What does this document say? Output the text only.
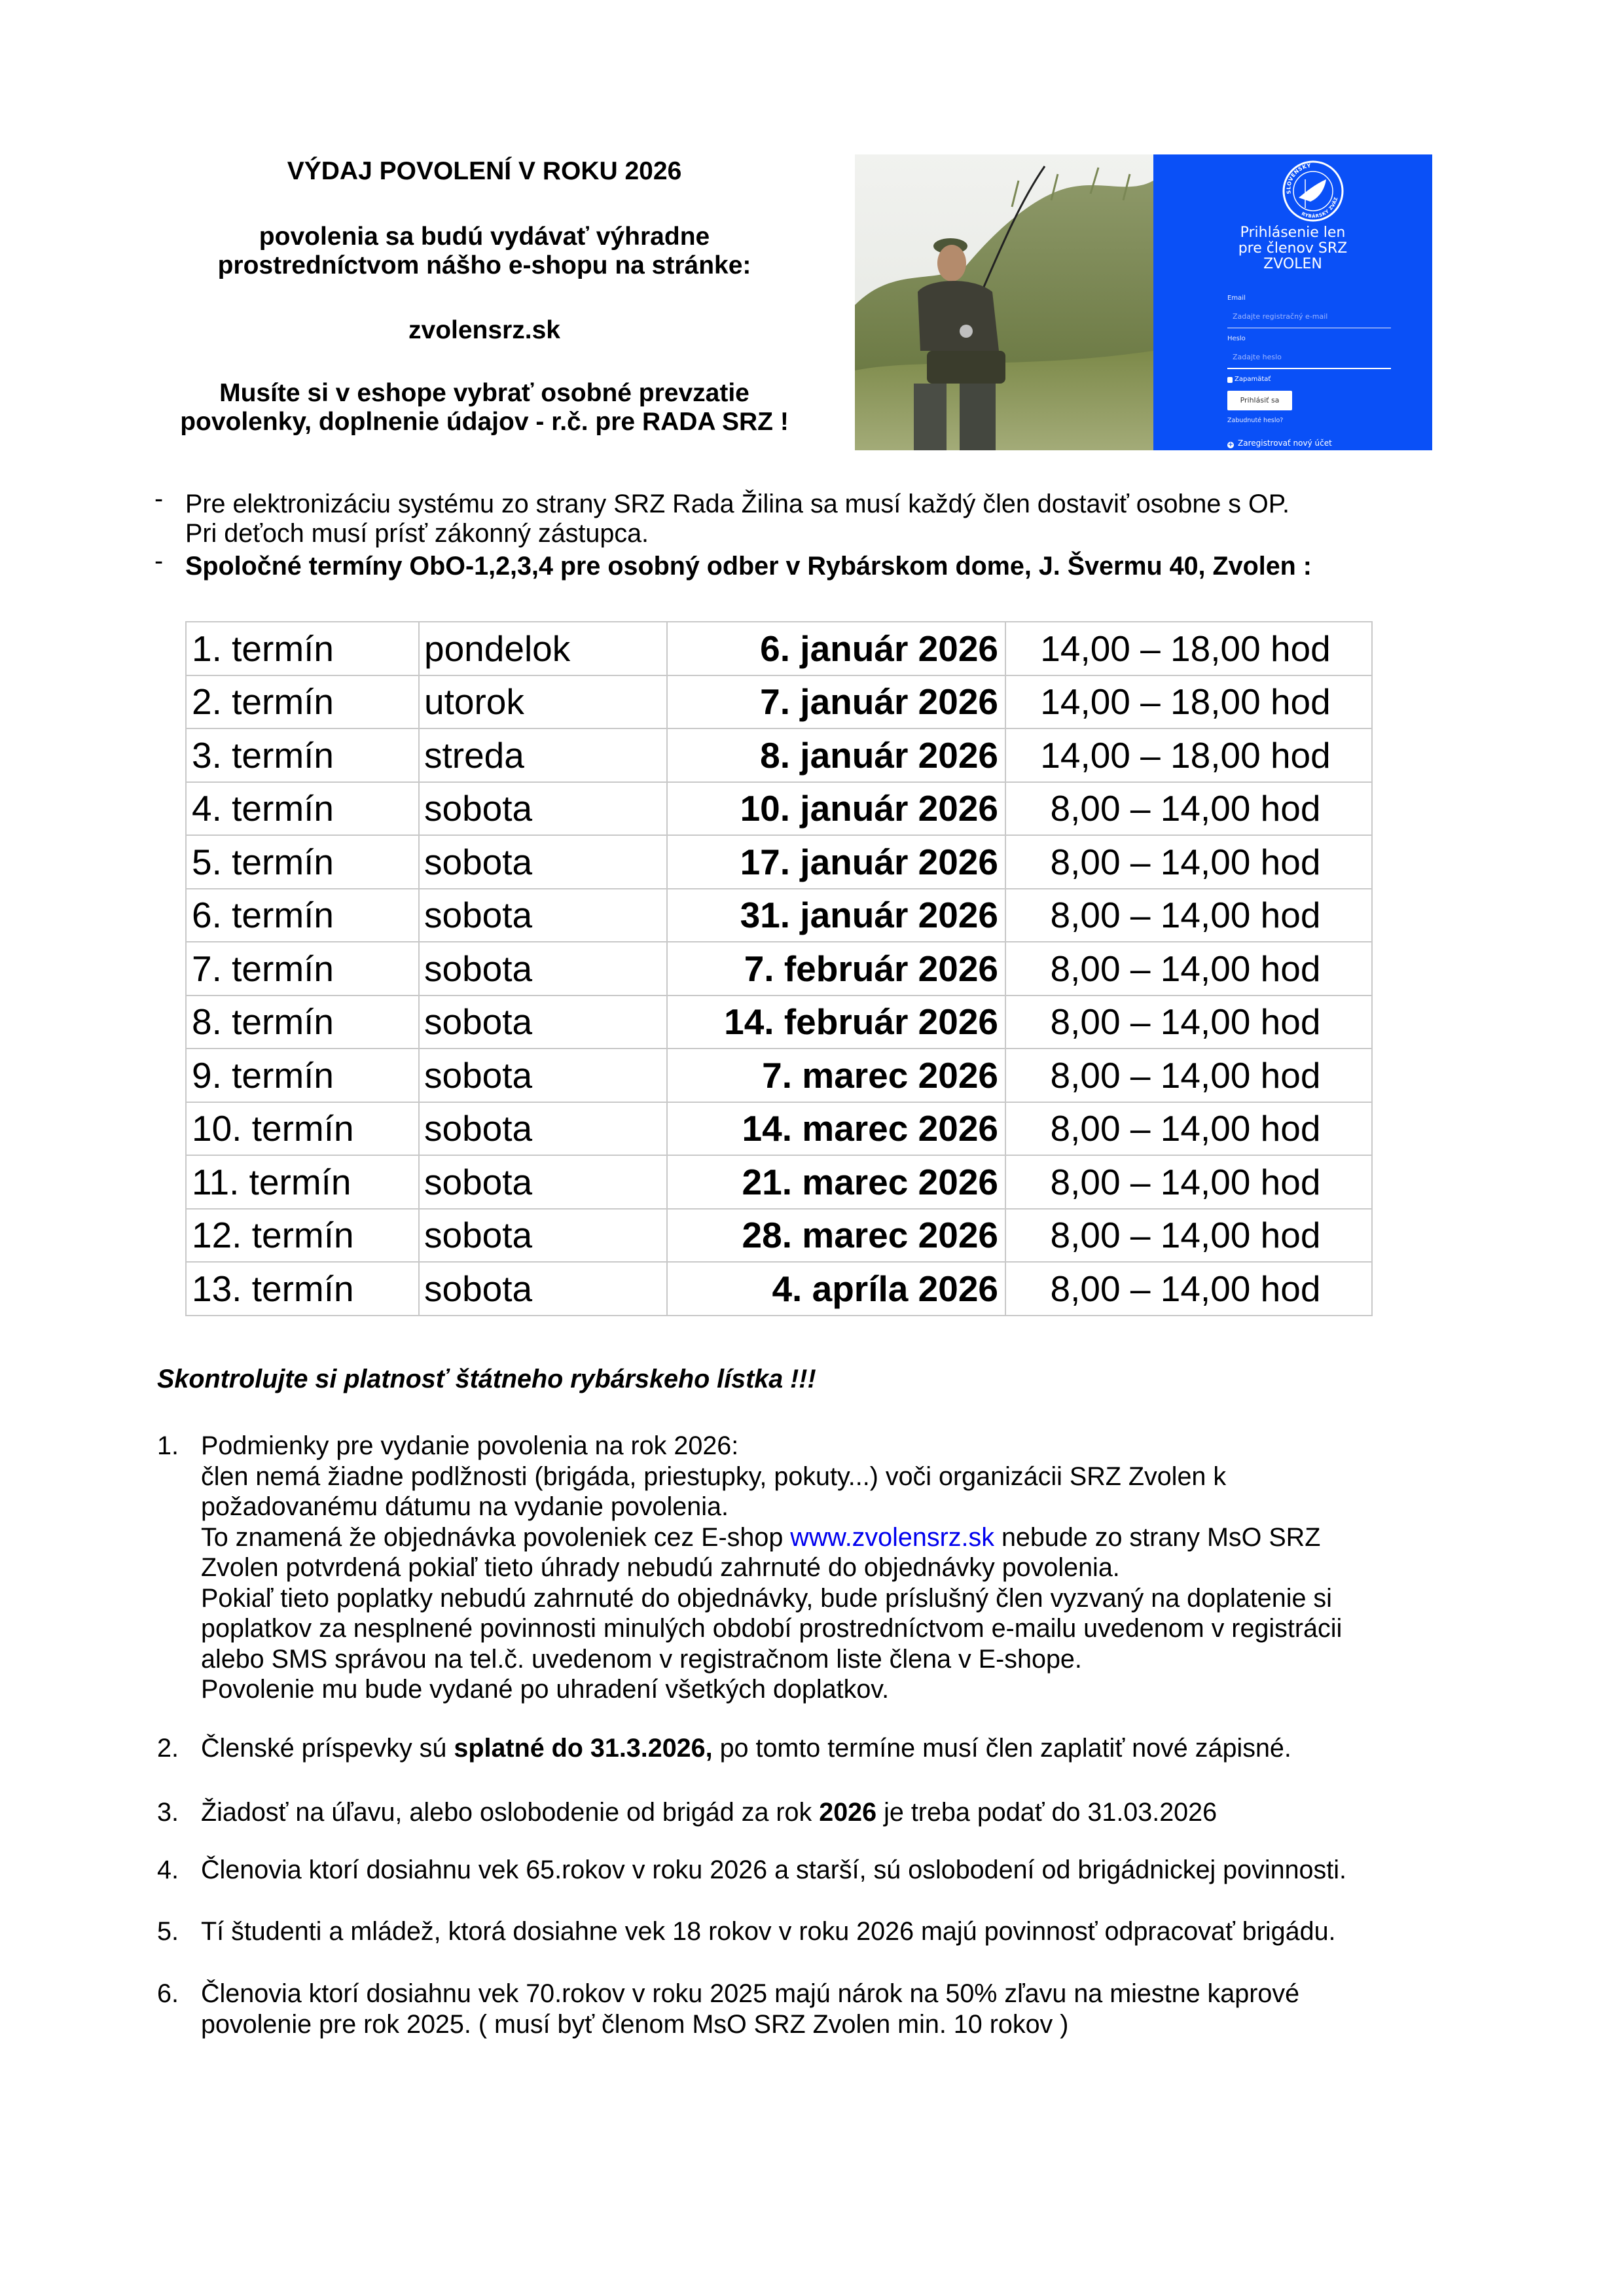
VÝDAJ POVOLENÍ V ROKU 2026
povolenia sa budú vydávať výhradne
prostredníctvom nášho e-shopu na stránke:
zvolensrz.sk
Musíte si v eshope vybrať osobné prevzatie
povolenky, doplnenie údajov - r.č. pre RADA SRZ !
SLOVENSKÝ
RYBÁRSKY ZVÄZ
Prihlásenie len
pre členov SRZ
ZVOLEN
Email
Zadajte registračný e-mail
Heslo
Zadajte heslo
Zapamätať
Prihlásiť sa
Zabudnuté heslo?
+ Zaregistrovať nový účet
- Pre elektronizáciu systému zo strany SRZ Rada Žilina sa musí každý člen dostaviť osobne s OP.
Pri deťoch musí prísť zákonný zástupca.
- Spoločné termíny ObO-1,2,3,4 pre osobný odber v Rybárskom dome, J. Švermu 40, Zvolen :
1. termín	pondelok	6. január 2026	14,00 – 18,00 hod
2. termín	utorok	7. január 2026	14,00 – 18,00 hod
3. termín	streda	8. január 2026	14,00 – 18,00 hod
4. termín	sobota	10. január 2026	8,00 – 14,00 hod
5. termín	sobota	17. január 2026	8,00 – 14,00 hod
6. termín	sobota	31. január 2026	8,00 – 14,00 hod
7. termín	sobota	7. február 2026	8,00 – 14,00 hod
8. termín	sobota	14. február 2026	8,00 – 14,00 hod
9. termín	sobota	7. marec 2026	8,00 – 14,00 hod
10. termín	sobota	14. marec 2026	8,00 – 14,00 hod
11. termín	sobota	21. marec 2026	8,00 – 14,00 hod
12. termín	sobota	28. marec 2026	8,00 – 14,00 hod
13. termín	sobota	4. apríla 2026	8,00 – 14,00 hod
Skontrolujte si platnosť štátneho rybárskeho lístka !!!
1. Podmienky pre vydanie povolenia na rok 2026:
člen nemá žiadne podlžnosti (brigáda, priestupky, pokuty...) voči organizácii SRZ Zvolen k
požadovanému dátumu na vydanie povolenia.
To znamená že objednávka povoleniek cez E-shop www.zvolensrz.sk nebude zo strany MsO SRZ
Zvolen potvrdená pokiaľ tieto úhrady nebudú zahrnuté do objednávky povolenia.
Pokiaľ tieto poplatky nebudú zahrnuté do objednávky, bude príslušný člen vyzvaný na doplatenie si
poplatkov za nesplnené povinnosti minulých období prostredníctvom e-mailu uvedenom v registrácii
alebo SMS správou na tel.č. uvedenom v registračnom liste člena v E-shope.
Povolenie mu bude vydané po uhradení všetkých doplatkov.
2. Členské príspevky sú splatné do 31.3.2026, po tomto termíne musí člen zaplatiť nové zápisné.
3. Žiadosť na úľavu, alebo oslobodenie od brigád za rok 2026 je treba podať do 31.03.2026
4. Členovia ktorí dosiahnu vek 65.rokov v roku 2026 a starší, sú oslobodení od brigádnickej povinnosti.
5. Tí študenti a mládež, ktorá dosiahne vek 18 rokov v roku 2026 majú povinnosť odpracovať brigádu.
6. Členovia ktorí dosiahnu vek 70.rokov v roku 2025 majú nárok na 50% zľavu na miestne kaprové
povolenie pre rok 2025. ( musí byť členom MsO SRZ Zvolen min. 10 rokov )
